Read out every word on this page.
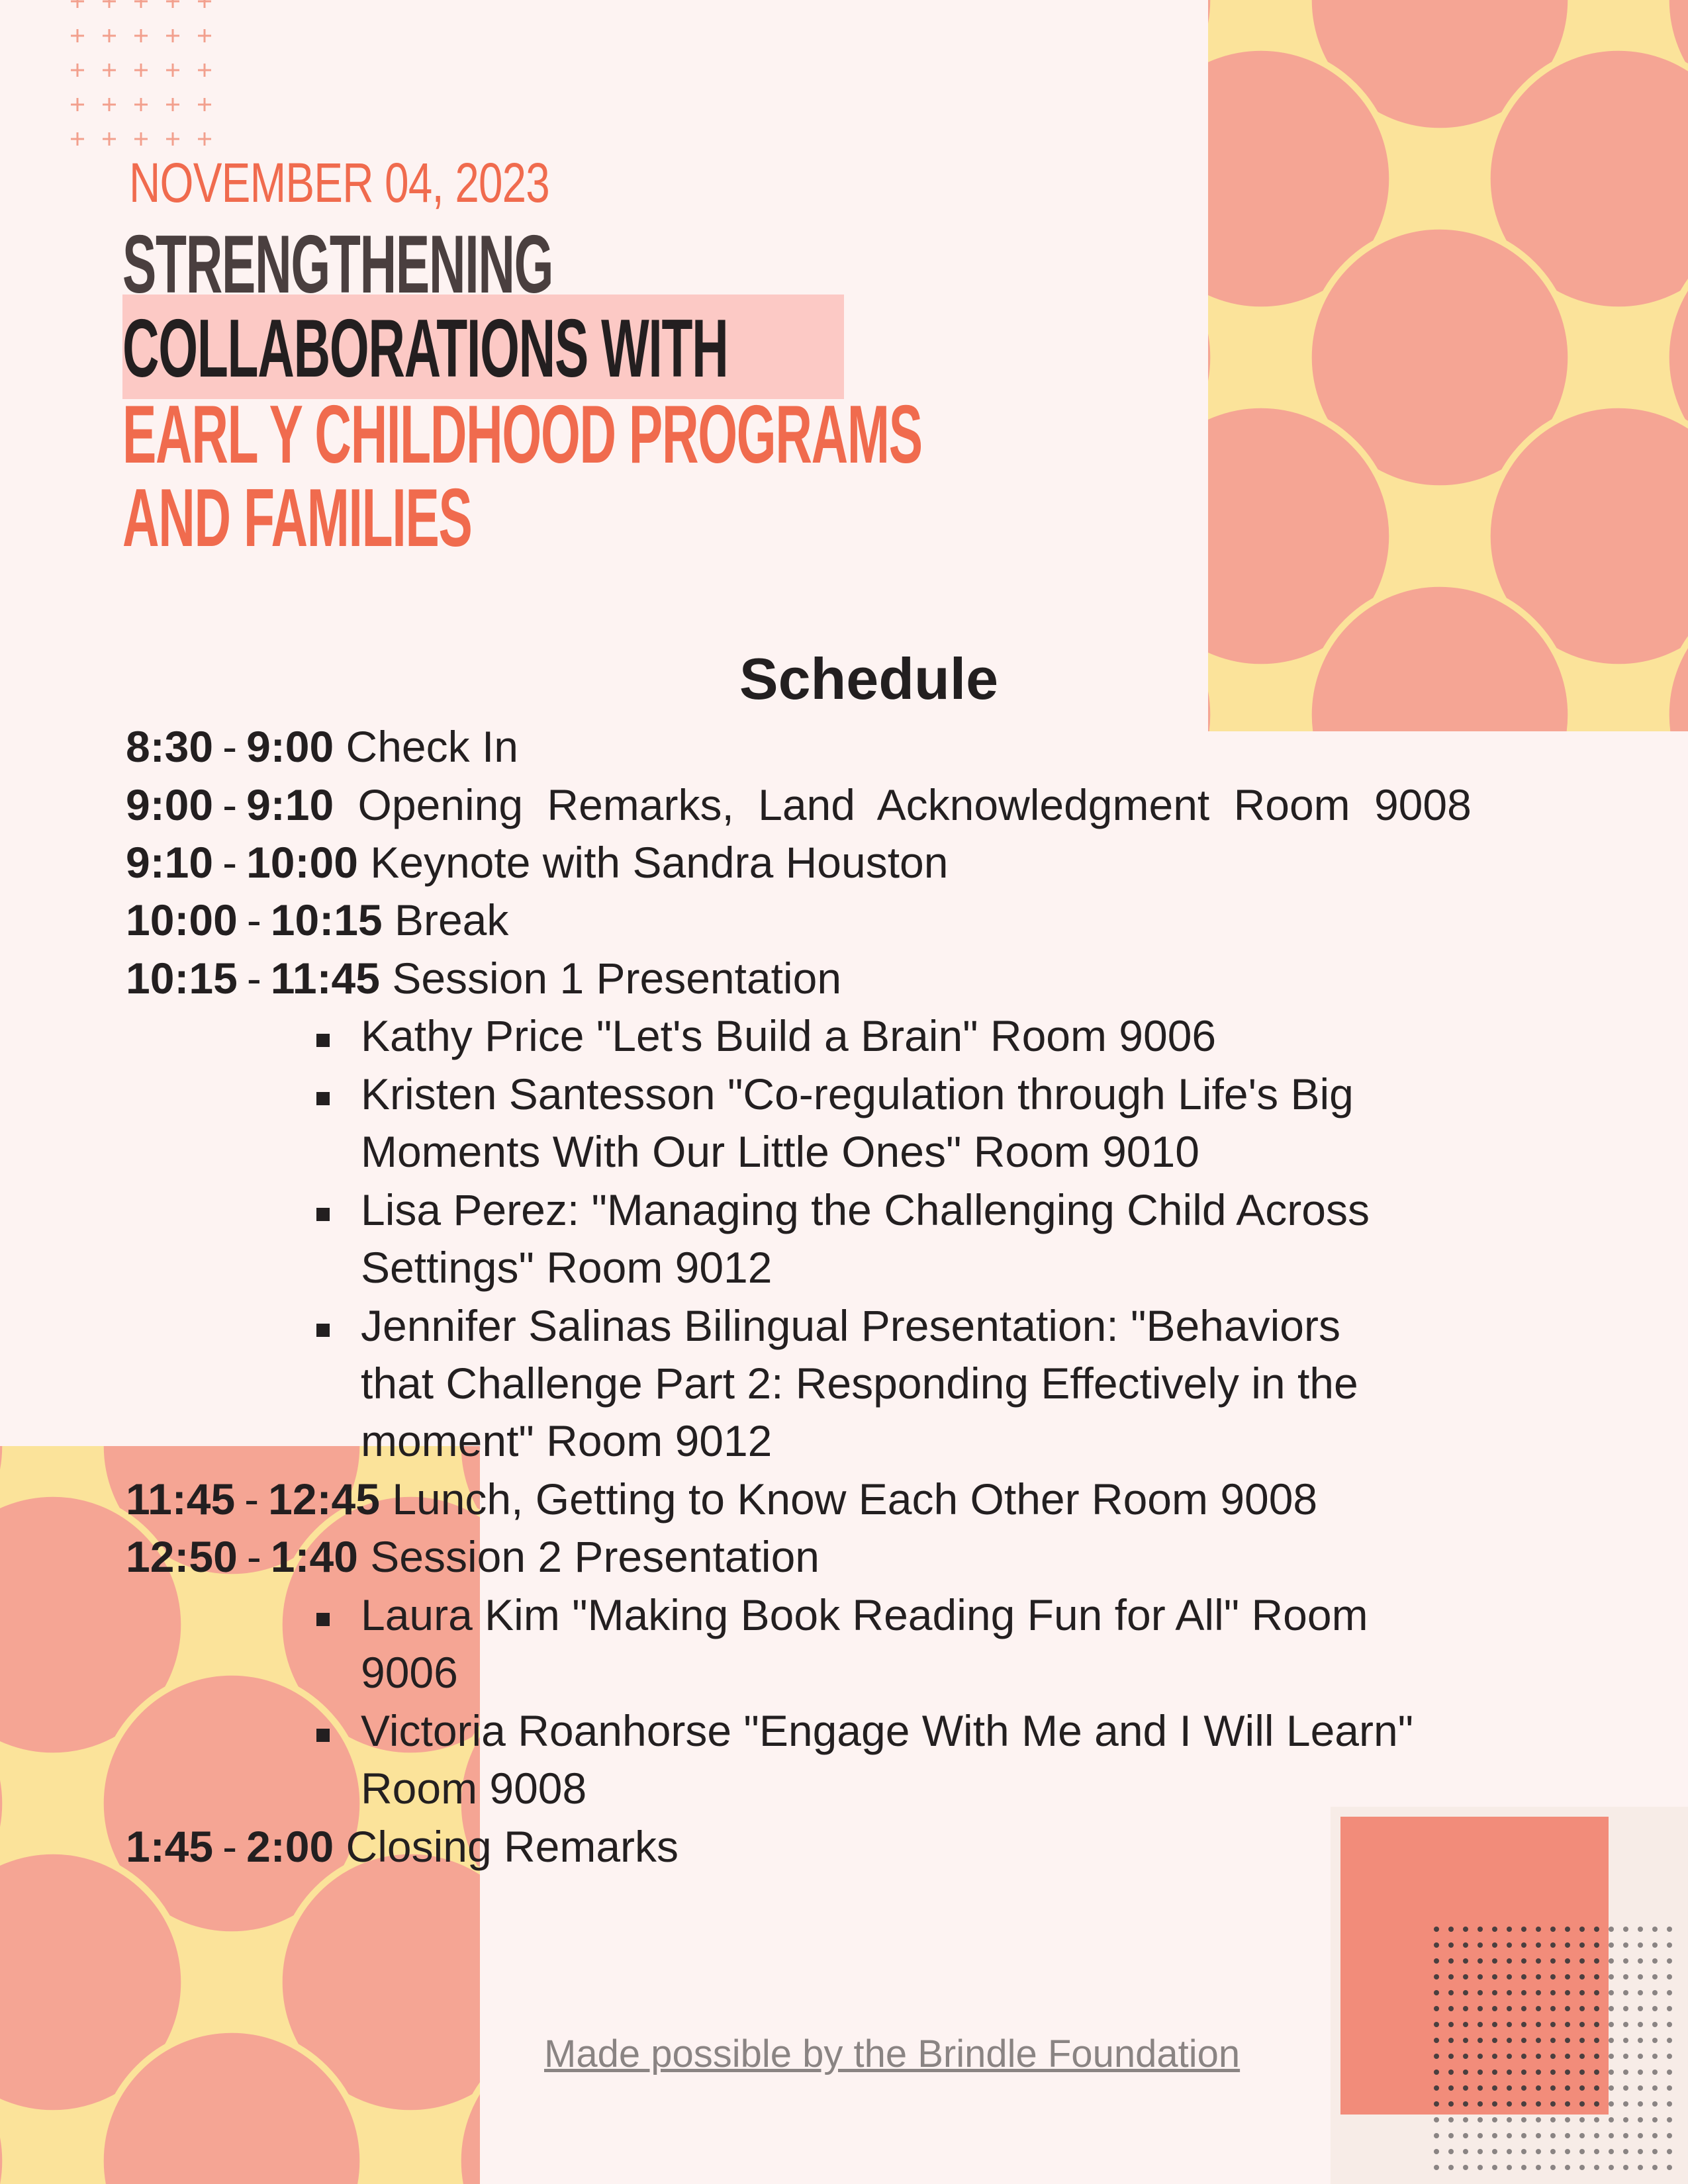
NOVEMBER 04, 2023
STRENGTHENING
COLLABORATIONS WITH
EARL Y CHILDHOOD PROGRAMS
AND FAMILIES
Schedule
8:30 - 9:00 Check In
9:00 - 9:10 Opening Remarks, Land Acknowledgment Room 9008
9:10 - 10:00 Keynote with Sandra Houston
10:00 - 10:15 Break
10:15 - 11:45 Session 1 Presentation
Kathy Price "Let's Build a Brain" Room 9006
Kristen Santesson "Co-regulation through Life's Big
Moments With Our Little Ones" Room 9010
Lisa Perez: "Managing the Challenging Child Across
Settings" Room 9012
Jennifer Salinas Bilingual Presentation: "Behaviors
that Challenge Part 2: Responding Effectively in the
moment" Room 9012
11:45 - 12:45 Lunch, Getting to Know Each Other Room 9008
12:50 - 1:40 Session 2 Presentation
Laura Kim "Making Book Reading Fun for All" Room
9006
Victoria Roanhorse "Engage With Me and I Will Learn"
Room 9008
1:45 - 2:00 Closing Remarks
Made possible by the Brindle Foundation
